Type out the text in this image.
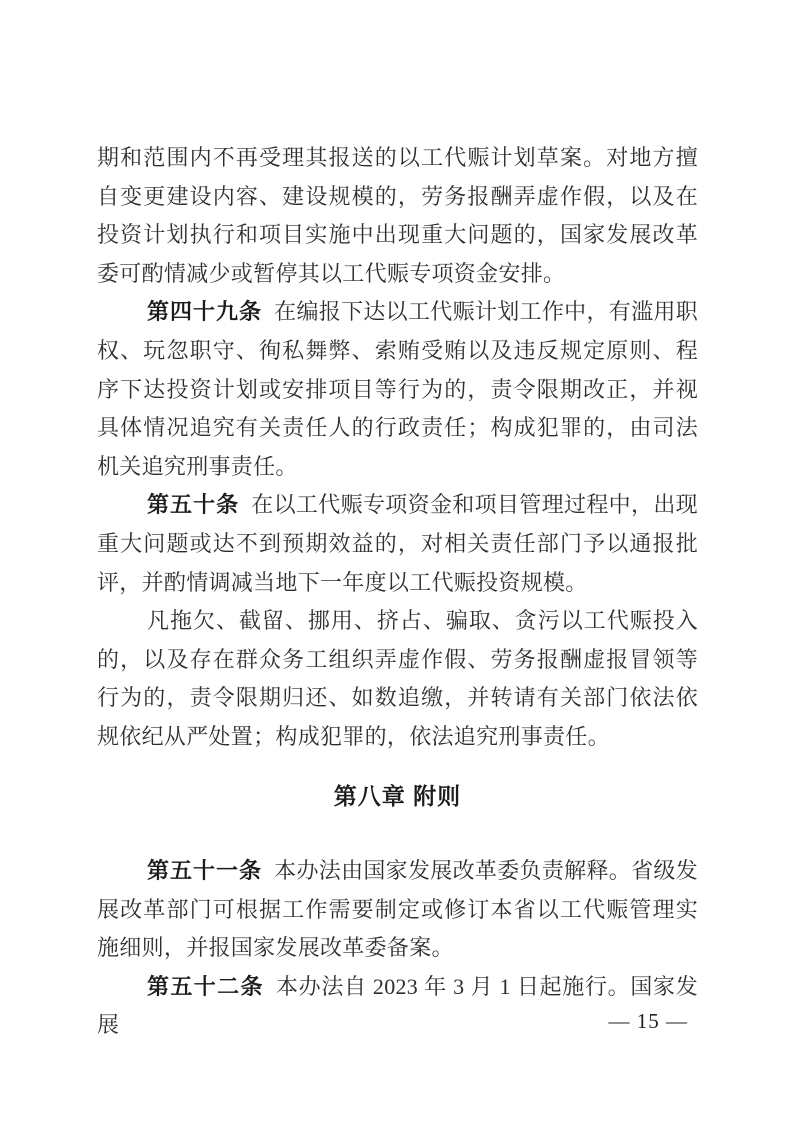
期和范围内不再受理其报送的以工代赈计划草案。对地方擅自变更建设内容、建设规模的，劳务报酬弄虚作假，以及在投资计划执行和项目实施中出现重大问题的，国家发展改革委可酌情减少或暂停其以工代赈专项资金安排。

第四十九条 在编报下达以工代赈计划工作中，有滥用职权、玩忽职守、徇私舞弊、索贿受贿以及违反规定原则、程序下达投资计划或安排项目等行为的，责令限期改正，并视具体情况追究有关责任人的行政责任；构成犯罪的，由司法机关追究刑事责任。

第五十条 在以工代赈专项资金和项目管理过程中，出现重大问题或达不到预期效益的，对相关责任部门予以通报批评，并酌情调减当地下一年度以工代赈投资规模。

凡拖欠、截留、挪用、挤占、骗取、贪污以工代赈投入的，以及存在群众务工组织弄虚作假、劳务报酬虚报冒领等行为的，责令限期归还、如数追缴，并转请有关部门依法依规依纪从严处置；构成犯罪的，依法追究刑事责任。

第八章 附则

第五十一条 本办法由国家发展改革委负责解释。省级发展改革部门可根据工作需要制定或修订本省以工代赈管理实施细则，并报国家发展改革委备案。

第五十二条 本办法自 2023 年 3 月 1 日起施行。国家发展	— 15 —
